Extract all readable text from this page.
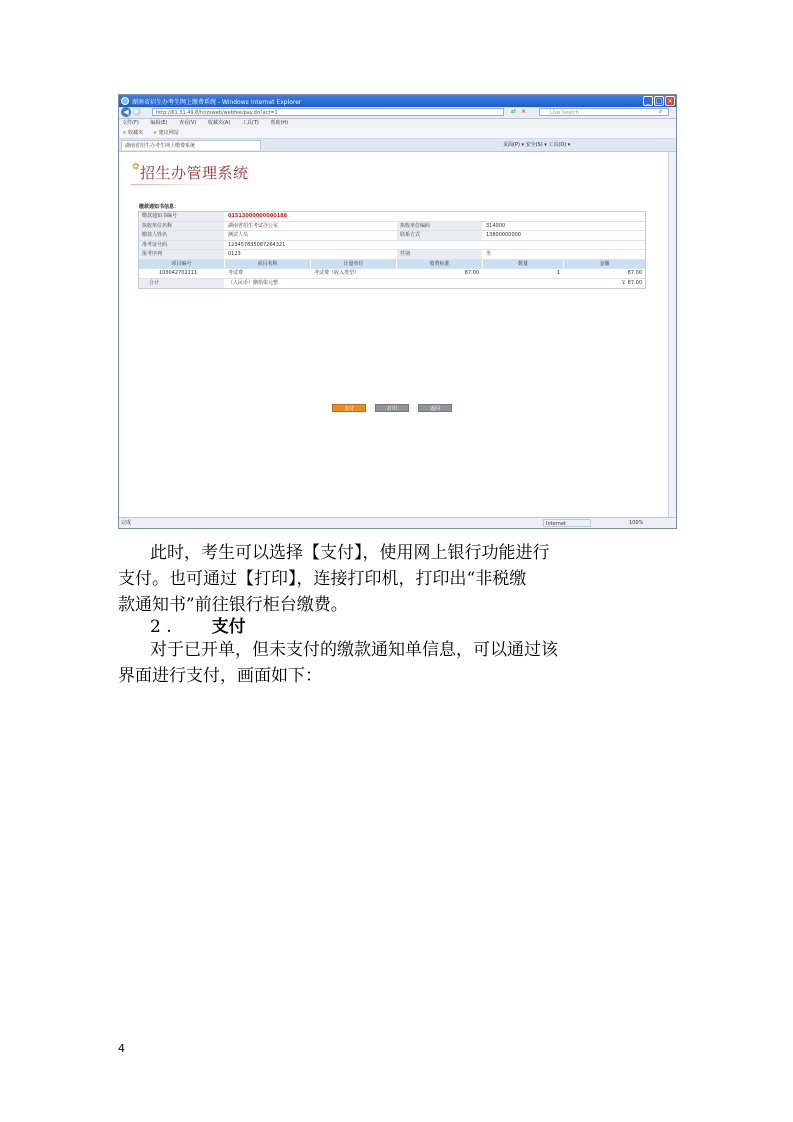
湖南省招生办考生网上缴费系统 - Windows Internet Explorer	_ □ ×
◀	▶	http://61.31.49.8/hnzsweb/webfee/pay.do?act=1	⇄ ×	Live Search	⌕
文件(F) 编辑(E) 查看(V) 收藏夹(A) 工具(T) 帮助(H)
★ 收藏夹 ★ 建议网站
湖南省招生办考生网上缴费系统	页面(P) ▾ 安全(S) ▾ 工具(O) ▾
✿招生办管理系统
缴款通知书信息：
缴款通知书编号	01513000000000188
执收单位名称	湖南省招生考试办公室	执收单位编码	314000
缴款人姓名	测试人员	联系方式	13800000000
准考证号码	123457835087264321
报考序列	0123	性别	男
项目编号	项目名称	计量单位	收费标准	数量	金额
103042702111	考试费	考试费（收入类型）	87.00	1	87.00
合计	（人民币）捌拾柒元整	￥ 87.00
支付	打印	返回
完成	Internet	100%
此时，考生可以选择【支付】，使用网上银行功能进行
支付。也可通过【打印】，连接打印机，打印出“非税缴
款通知书”前往银行柜台缴费。
2 . 支付
对于已开单，但未支付的缴款通知单信息，可以通过该
界面进行支付，画面如下：
4
